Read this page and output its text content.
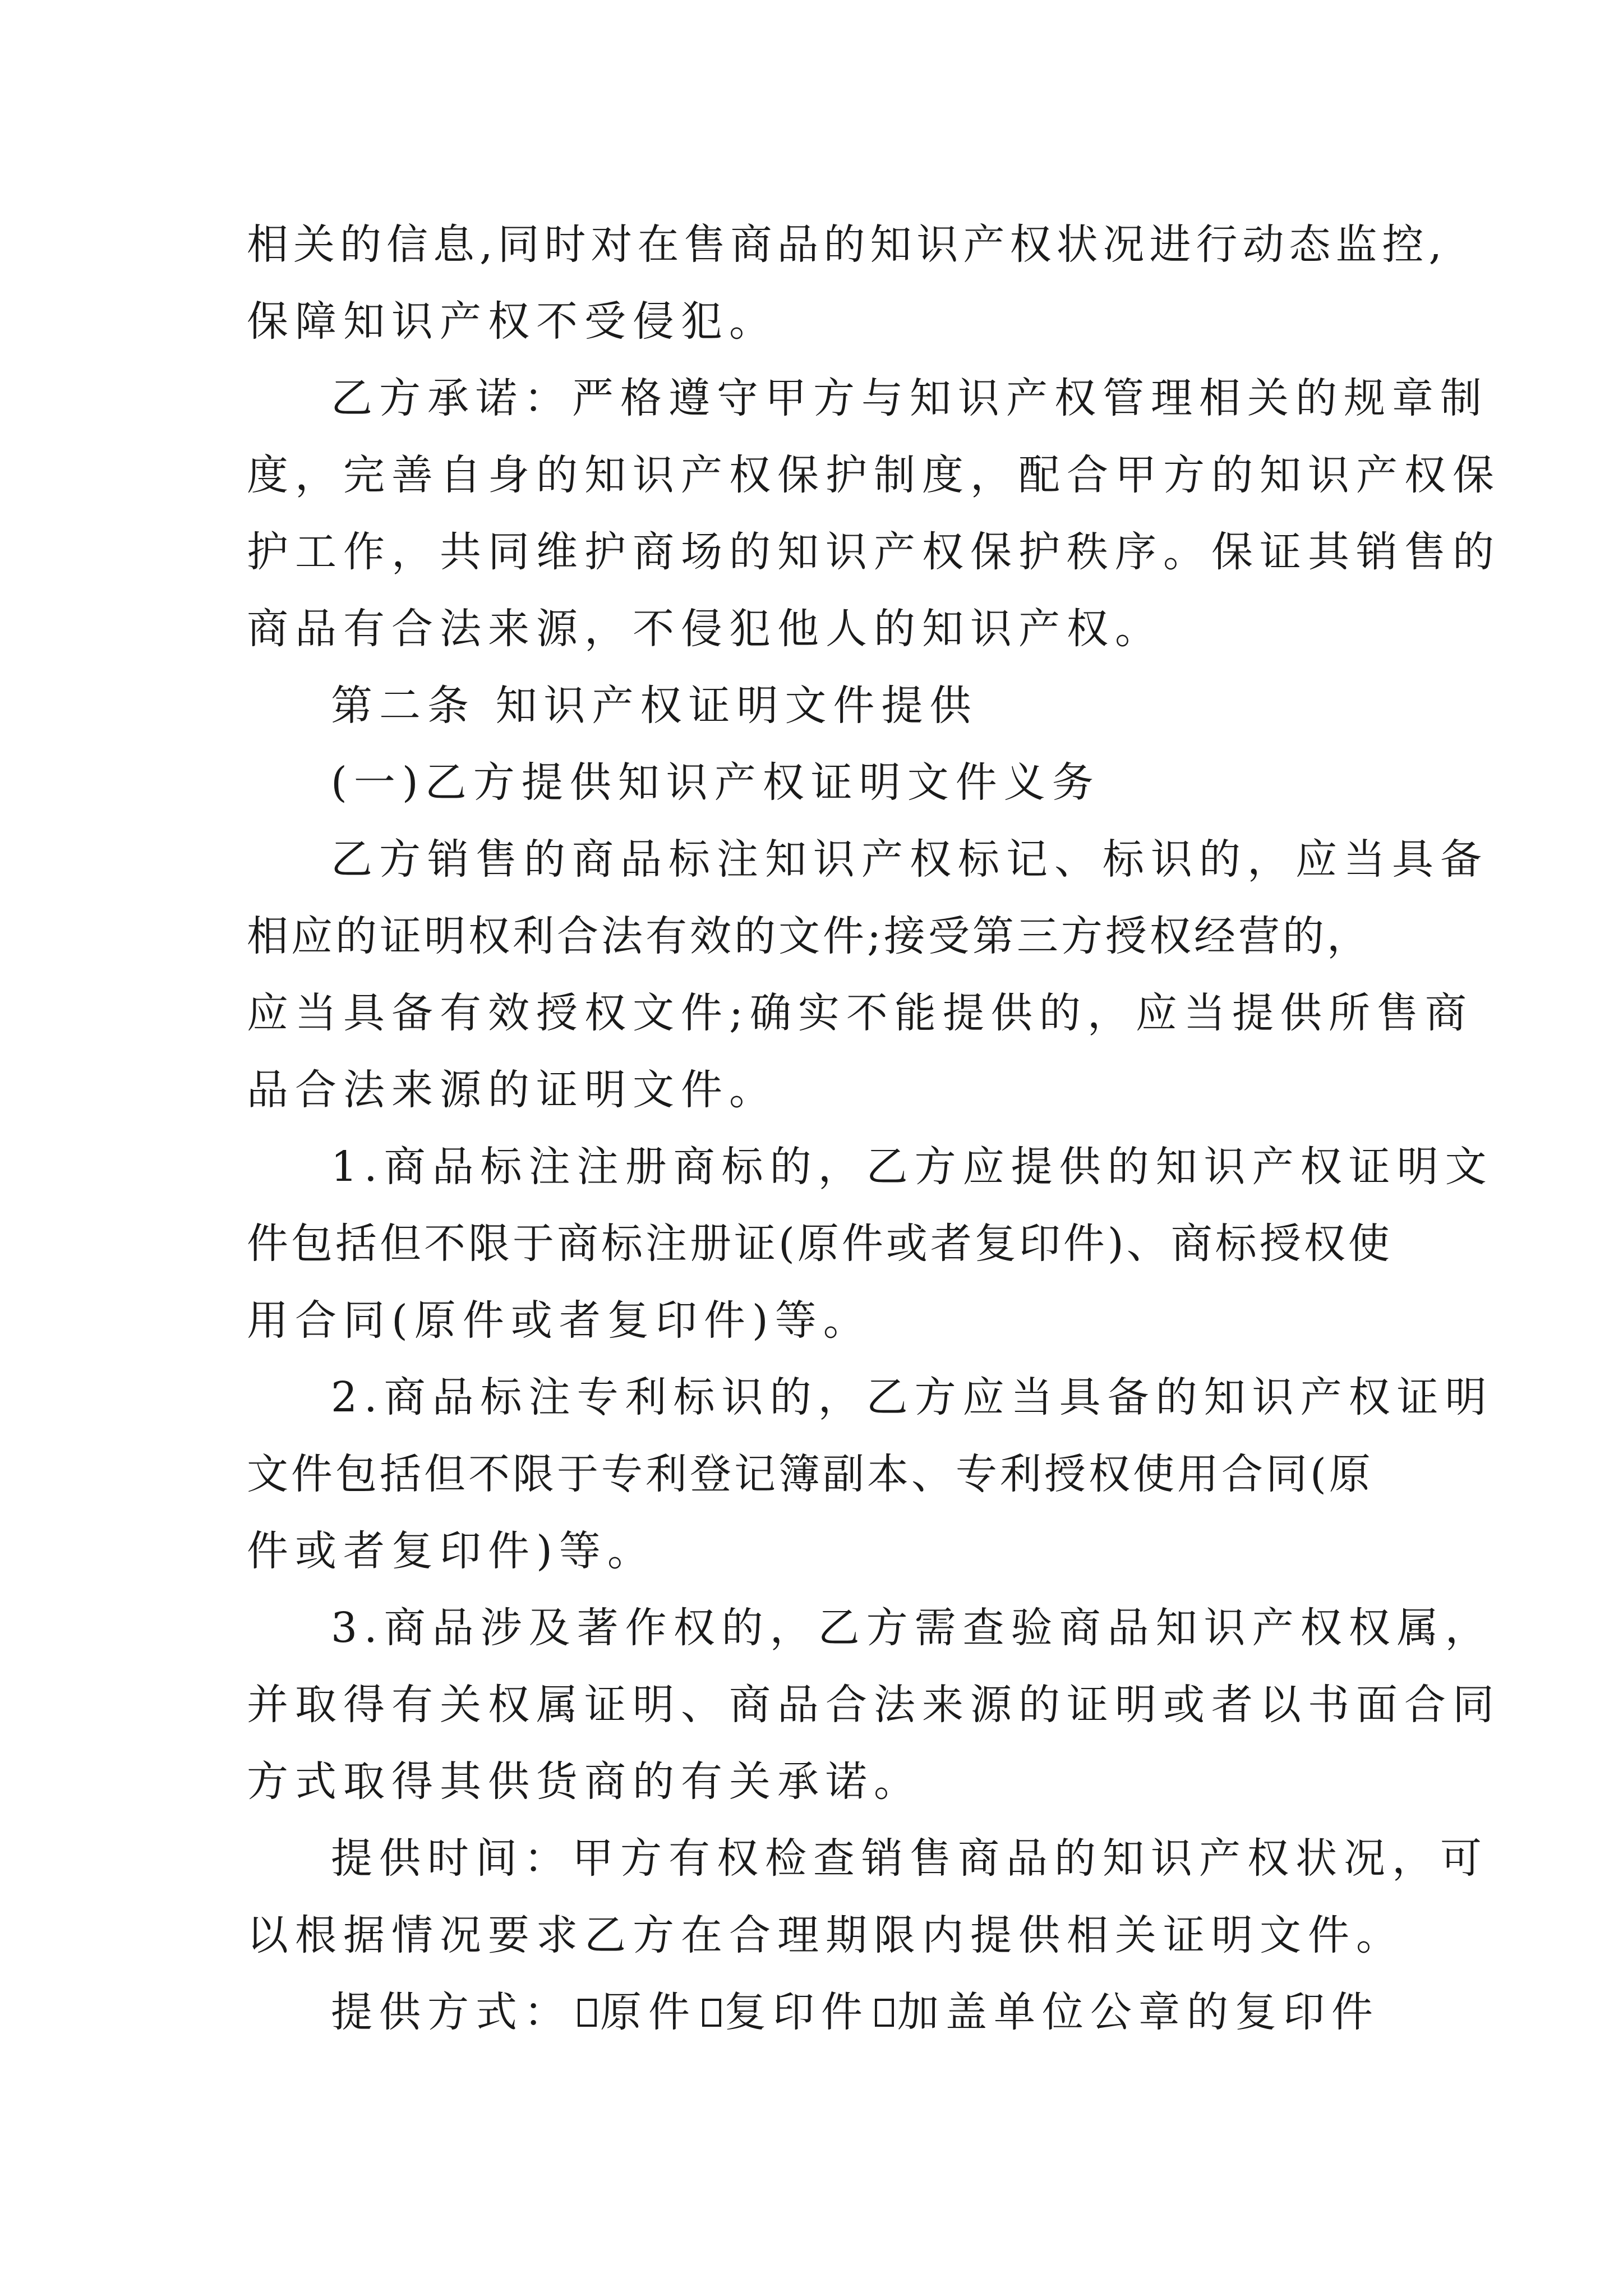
相关的信息,同时对在售商品的知识产权状况进行动态监控,
保障知识产权不受侵犯。
乙方承诺：严格遵守甲方与知识产权管理相关的规章制
度，完善自身的知识产权保护制度，配合甲方的知识产权保
护工作，共同维护商场的知识产权保护秩序。保证其销售的
商品有合法来源，不侵犯他人的知识产权。
第二条 知识产权证明文件提供
(一)乙方提供知识产权证明文件义务
乙方销售的商品标注知识产权标记、标识的，应当具备
相应的证明权利合法有效的文件;接受第三方授权经营的，
应当具备有效授权文件;确实不能提供的，应当提供所售商
品合法来源的证明文件。
1.商品标注注册商标的，乙方应提供的知识产权证明文
件包括但不限于商标注册证(原件或者复印件)、商标授权使
用合同(原件或者复印件)等。
2.商品标注专利标识的，乙方应当具备的知识产权证明
文件包括但不限于专利登记簿副本、专利授权使用合同(原
件或者复印件)等。
3.商品涉及著作权的，乙方需查验商品知识产权权属，
并取得有关权属证明、商品合法来源的证明或者以书面合同
方式取得其供货商的有关承诺。
提供时间：甲方有权检查销售商品的知识产权状况，可
以根据情况要求乙方在合理期限内提供相关证明文件。
提供方式： 原件 复印件 加盖单位公章的复印件
